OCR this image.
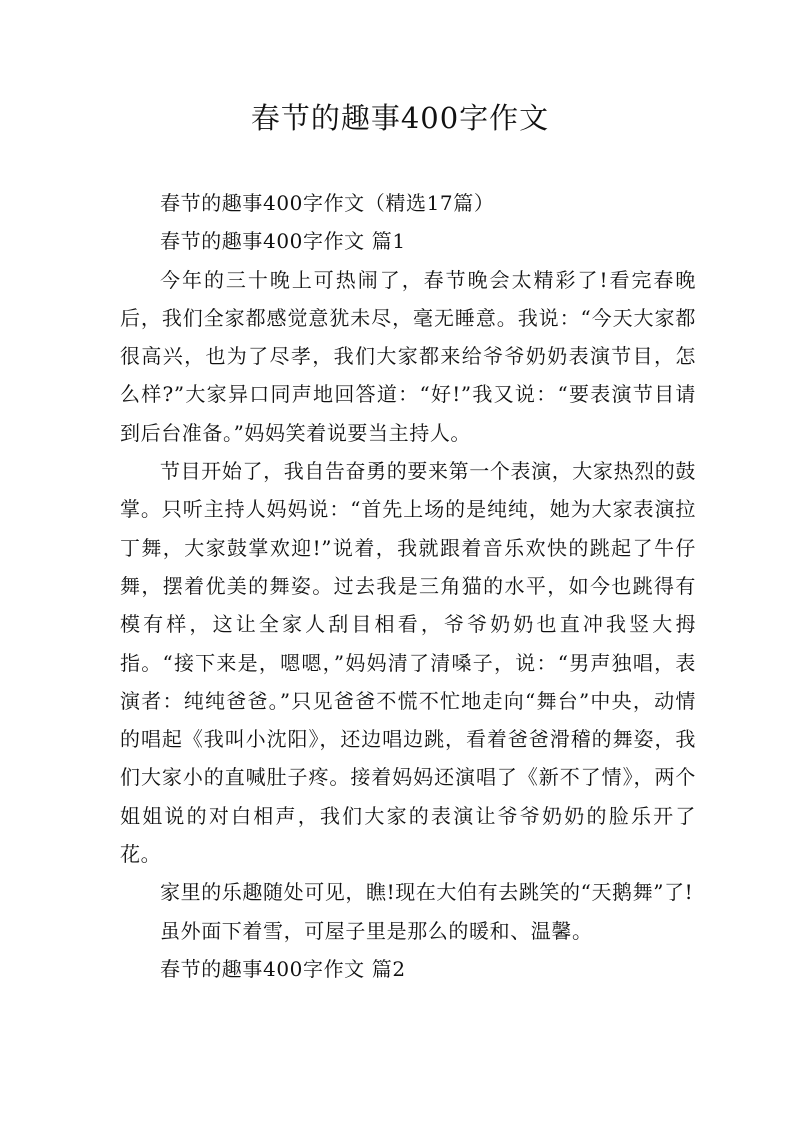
春节的趣事400字作文

春节的趣事400字作文（精选17篇）

春节的趣事400字作文 篇1

今年的三十晚上可热闹了，春节晚会太精彩了!看完春晚后，我们全家都感觉意犹未尽，毫无睡意。我说：“今天大家都很高兴，也为了尽孝，我们大家都来给爷爷奶奶表演节目，怎么样?”大家异口同声地回答道：“好!”我又说：“要表演节目请到后台准备。”妈妈笑着说要当主持人。

节目开始了，我自告奋勇的要来第一个表演，大家热烈的鼓掌。只听主持人妈妈说：“首先上场的是纯纯，她为大家表演拉丁舞，大家鼓掌欢迎!”说着，我就跟着音乐欢快的跳起了牛仔舞，摆着优美的舞姿。过去我是三角猫的水平，如今也跳得有模有样，这让全家人刮目相看，爷爷奶奶也直冲我竖大拇指。“接下来是，嗯嗯，”妈妈清了清嗓子，说：“男声独唱，表演者：纯纯爸爸。”只见爸爸不慌不忙地走向“舞台”中央，动情的唱起《我叫小沈阳》，还边唱边跳，看着爸爸滑稽的舞姿，我们大家小的直喊肚子疼。接着妈妈还演唱了《新不了情》，两个姐姐说的对白相声，我们大家的表演让爷爷奶奶的脸乐开了花。

家里的乐趣随处可见，瞧!现在大伯有去跳笑的“天鹅舞”了!

虽外面下着雪，可屋子里是那么的暖和、温馨。

春节的趣事400字作文 篇2
